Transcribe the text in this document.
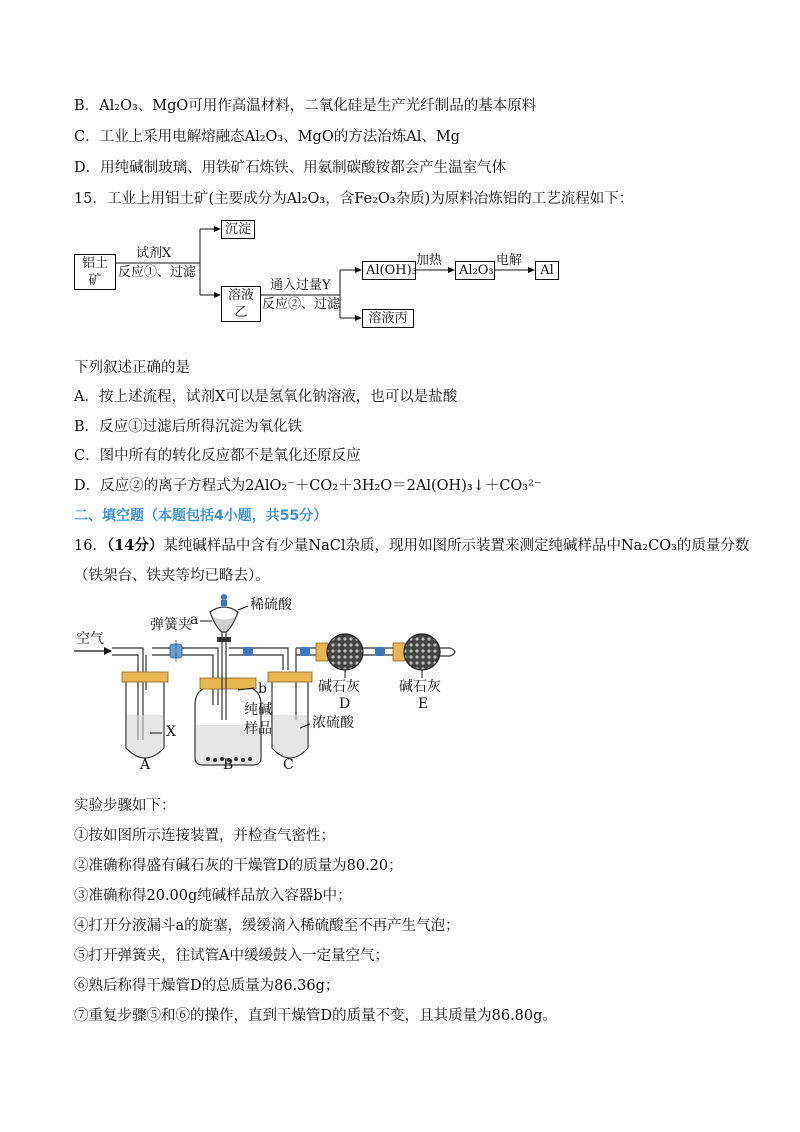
B．Al₂O₃、MgO可用作高温材料，二氧化硅是生产光纤制品的基本原料
C．工业上采用电解熔融态Al₂O₃、MgO的方法冶炼Al、Mg
D．用纯碱制玻璃、用铁矿石炼铁、用氨制碳酸铵都会产生温室气体
15．工业上用铝土矿(主要成分为Al₂O₃，含Fe₂O₃杂质)为原料冶炼铝的工艺流程如下：
铝土矿
试剂X
反应①、过滤
沉淀
溶液乙
通入过量Y
反应②、过滤
Al(OH)₃
加热
Al₂O₃
电解
Al
溶液丙
下列叙述正确的是
A．按上述流程，试剂X可以是氢氧化钠溶液，也可以是盐酸
B．反应①过滤后所得沉淀为氧化铁
C．图中所有的转化反应都不是氧化还原反应
D．反应②的离子方程式为2AlO₂⁻＋CO₂＋3H₂O＝2Al(OH)₃↓＋CO₃²⁻
二、填空题（本题包括4小题，共55分）
16．（14分）某纯碱样品中含有少量NaCl杂质，现用如图所示装置来测定纯碱样品中Na₂CO₃的质量分数
（铁架台、铁夹等均已略去）。
空气
弹簧夹
a
稀硫酸
b
纯碱
样品	浓硫酸
碱石灰	碱石灰
D	E
X
A	B	C
实验步骤如下：
①按如图所示连接装置，并检查气密性；
②准确称得盛有碱石灰的干燥管D的质量为80.20；
③准确称得20.00g纯碱样品放入容器b中；
④打开分液漏斗a的旋塞，缓缓滴入稀硫酸至不再产生气泡；
⑤打开弹簧夹，往试管A中缓缓鼓入一定量空气；
⑥熟后称得干燥管D的总质量为86.36g；
⑦重复步骤⑤和⑥的操作，直到干燥管D的质量不变，且其质量为86.80g。
